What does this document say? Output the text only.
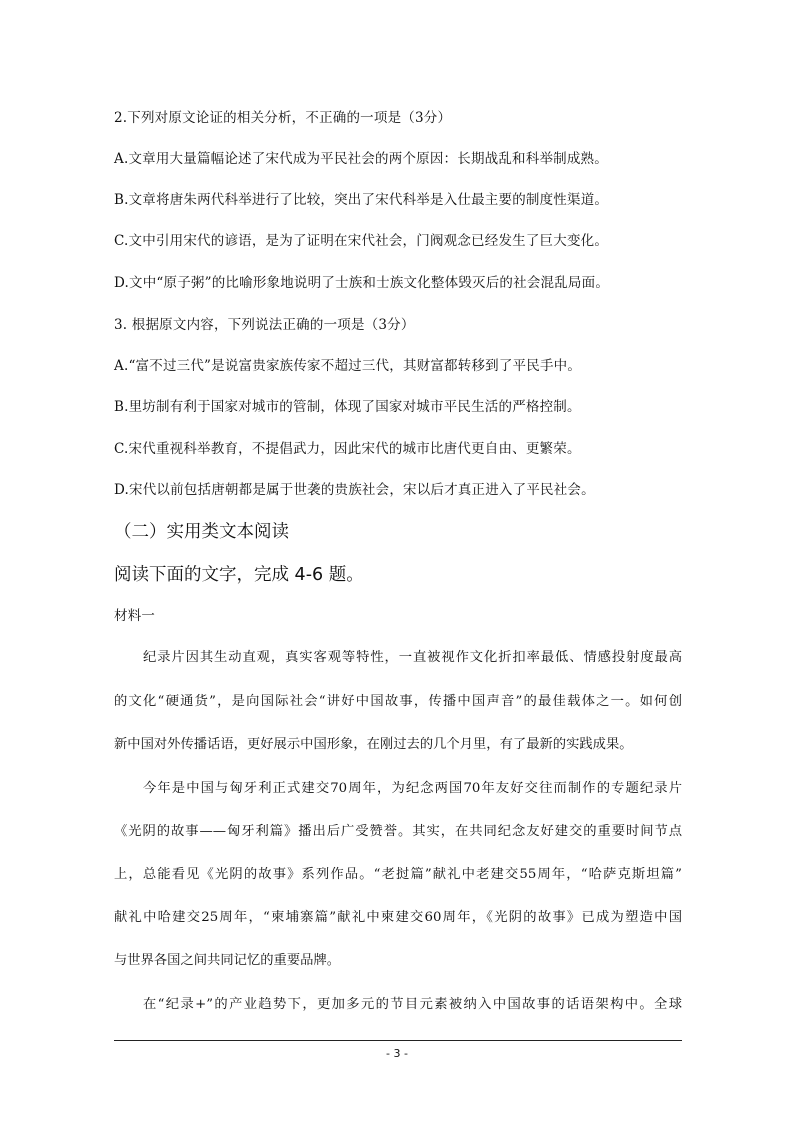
2.下列对原文论证的相关分析，不正确的一项是（3分）
A.文章用大量篇幅论述了宋代成为平民社会的两个原因：长期战乱和科举制成熟。
B.文章将唐朱两代科举进行了比较，突出了宋代科举是入仕最主要的制度性渠道。
C.文中引用宋代的谚语，是为了证明在宋代社会，门阀观念已经发生了巨大变化。
D.文中“原子粥”的比喻形象地说明了士族和士族文化整体毁灭后的社会混乱局面。
3. 根据原文内容，下列说法正确的一项是（3分）
A.“富不过三代”是说富贵家族传家不超过三代，其财富都转移到了平民手中。
B.里坊制有利于国家对城市的管制，体现了国家对城市平民生活的严格控制。
C.宋代重视科举教育，不提倡武力，因此宋代的城市比唐代更自由、更繁荣。
D.宋代以前包括唐朝都是属于世袭的贵族社会，宋以后才真正进入了平民社会。
（二）实用类文本阅读
阅读下面的文字，完成 4-6 题。
材料一
纪录片因其生动直观，真实客观等特性，一直被视作文化折扣率最低、情感投射度最高
的文化“硬通货”，是向国际社会“讲好中国故事，传播中国声音”的最佳载体之一。如何创
新中国对外传播话语，更好展示中国形象，在刚过去的几个月里，有了最新的实践成果。
今年是中国与匈牙利正式建交70周年，为纪念两国70年友好交往而制作的专题纪录片
《光阴的故事——匈牙利篇》播出后广受赞誉。其实，在共同纪念友好建交的重要时间节点
上，总能看见《光阴的故事》系列作品。“老挝篇”献礼中老建交55周年，“哈萨克斯坦篇”
献礼中哈建交25周年，“柬埔寨篇”献礼中柬建交60周年，《光阴的故事》已成为塑造中国
与世界各国之间共同记忆的重要品牌。
在“纪录+”的产业趋势下，更加多元的节目元素被纳入中国故事的话语架构中。全球
- 3 -
